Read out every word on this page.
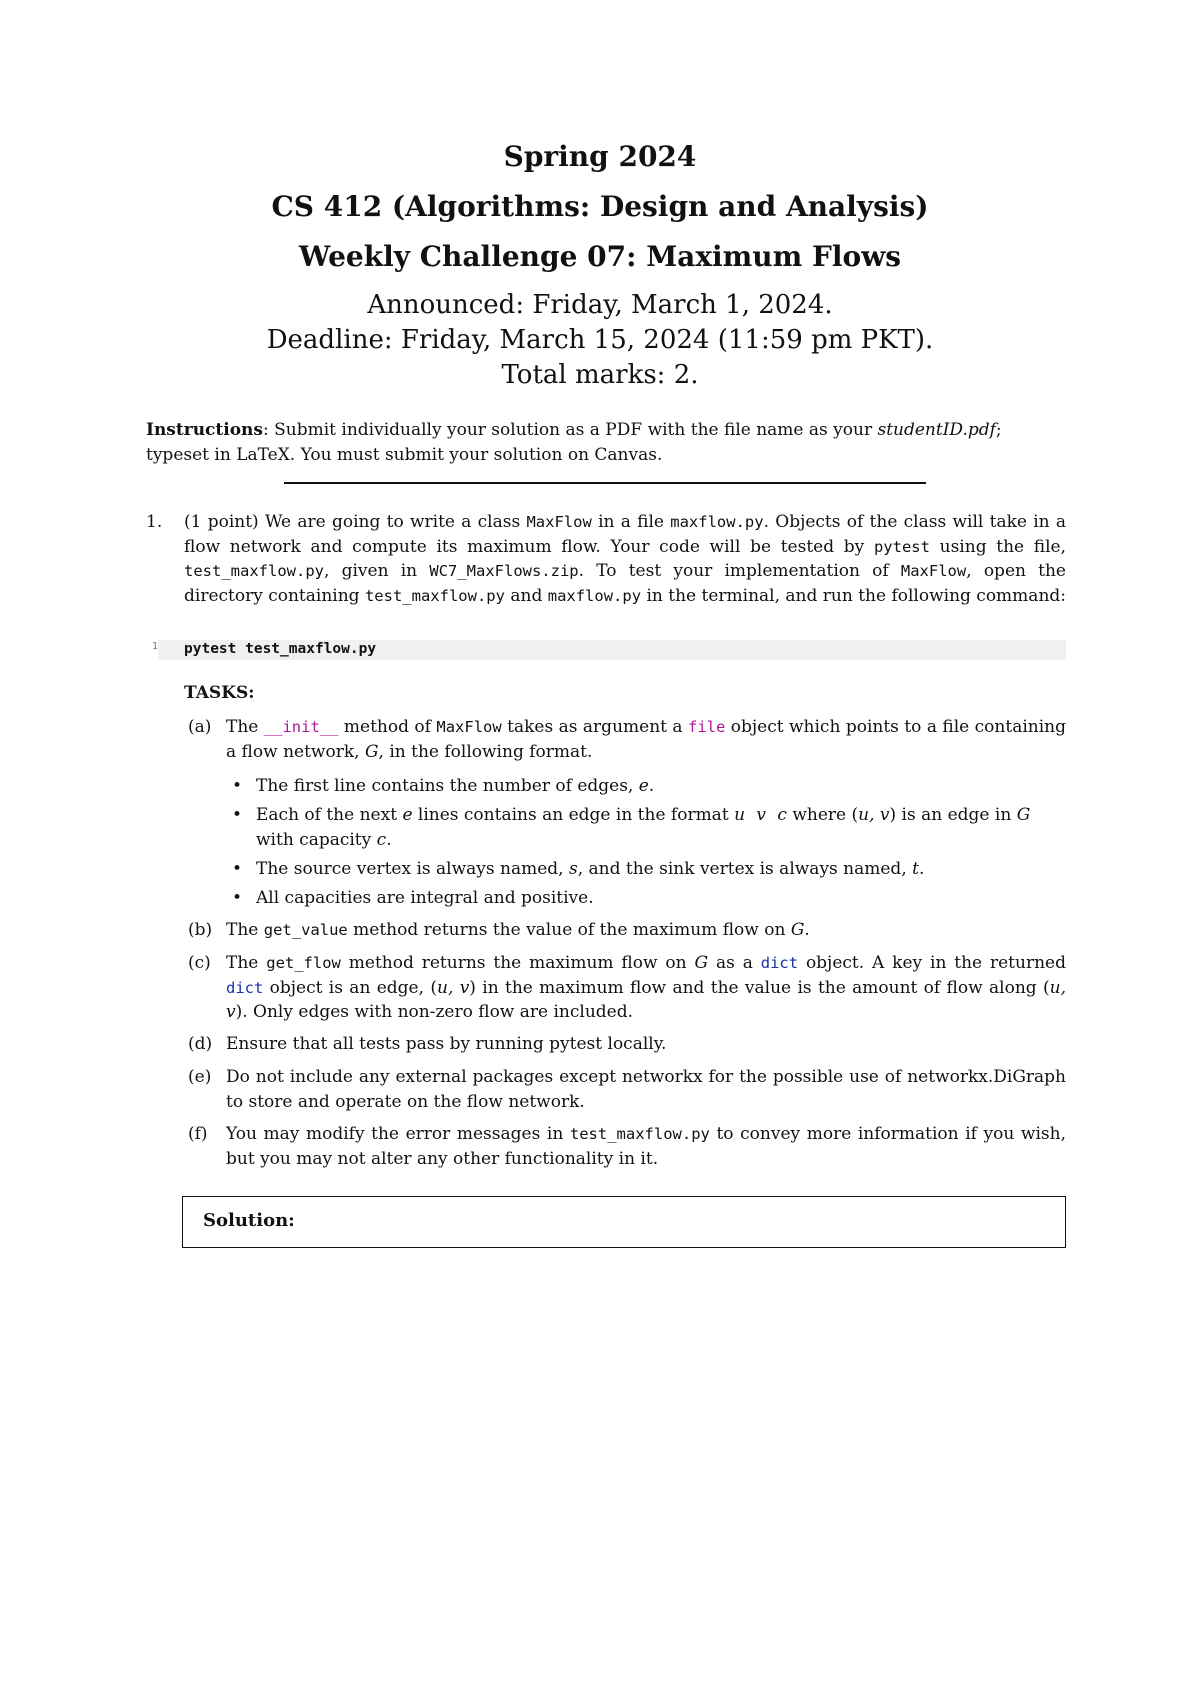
Spring 2024
CS 412 (Algorithms: Design and Analysis)
Weekly Challenge 07: Maximum Flows
Announced: Friday, March 1, 2024.
Deadline: Friday, March 15, 2024 (11:59 pm PKT).
Total marks: 2.
Instructions: Submit individually your solution as a PDF with the file name as your studentID.pdf;
typeset in LaTeX. You must submit your solution on Canvas.
1. (1 point) We are going to write a class MaxFlow in a file maxflow.py. Objects of the class will take in a flow network and compute its maximum flow. Your code will be tested by pytest using the file, test_maxflow.py, given in WC7_MaxFlows.zip. To test your implementation of MaxFlow, open the directory containing test_maxflow.py and maxflow.py in the terminal, and run the following command:
1 pytest test_maxflow.py
TASKS:
(a) The __init__ method of MaxFlow takes as argument a file object which points to a file containing a flow network, G, in the following format.
• The first line contains the number of edges, e.
• Each of the next e lines contains an edge in the format u v c where (u, v) is an edge in G with capacity c.
• The source vertex is always named, s, and the sink vertex is always named, t.
• All capacities are integral and positive.
(b) The get_value method returns the value of the maximum flow on G.
(c) The get_flow method returns the maximum flow on G as a dict object. A key in the returned dict object is an edge, (u, v) in the maximum flow and the value is the amount of flow along (u, v). Only edges with non-zero flow are included.
(d) Ensure that all tests pass by running pytest locally.
(e) Do not include any external packages except networkx for the possible use of networkx.DiGraph to store and operate on the flow network.
(f) You may modify the error messages in test_maxflow.py to convey more information if you wish, but you may not alter any other functionality in it.
Solution:
